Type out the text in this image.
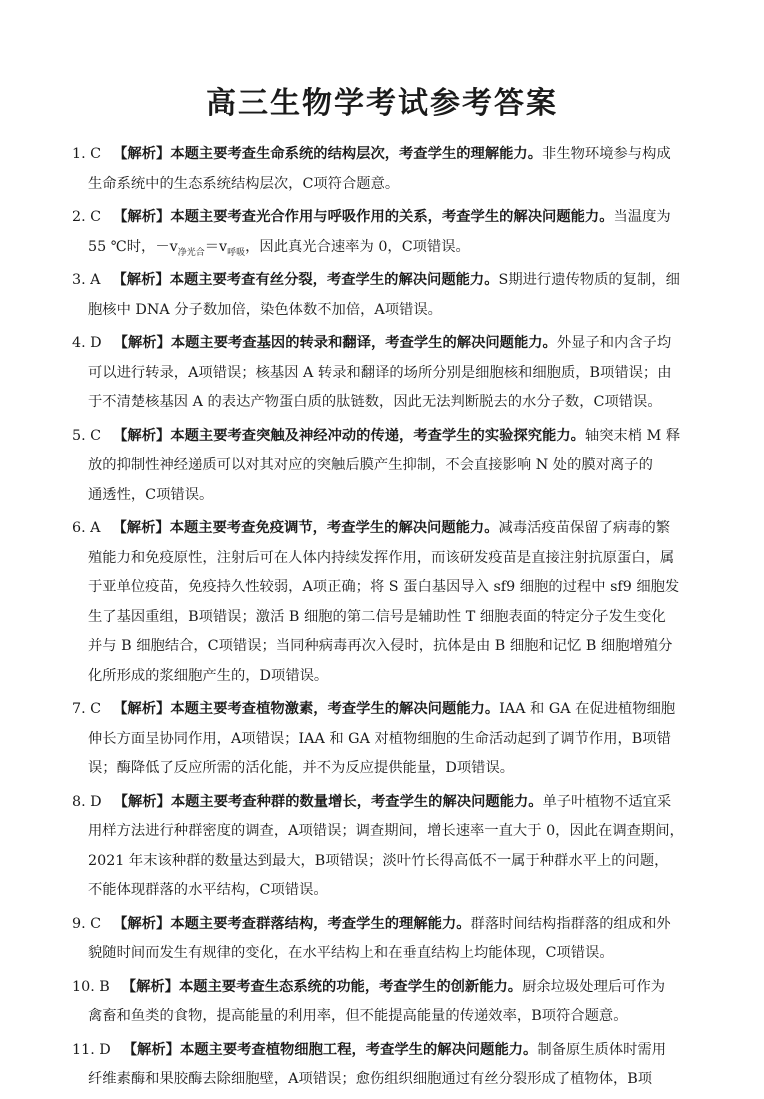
高三生物学考试参考答案
1. C 【解析】本题主要考查生命系统的结构层次，考查学生的理解能力。非生物环境参与构成
生命系统中的生态系统结构层次，C项符合题意。
2. C 【解析】本题主要考查光合作用与呼吸作用的关系，考查学生的解决问题能力。当温度为
55 ℃时，$-v_{净光合}=v_{呼吸}$，因此真光合速率为 0，C项错误。
3. A 【解析】本题主要考查有丝分裂，考查学生的解决问题能力。S期进行遗传物质的复制，细
胞核中 DNA 分子数加倍，染色体数不加倍，A项错误。
4. D 【解析】本题主要考查基因的转录和翻译，考查学生的解决问题能力。外显子和内含子均
可以进行转录，A项错误；核基因 A 转录和翻译的场所分别是细胞核和细胞质，B项错误；由
于不清楚核基因 A 的表达产物蛋白质的肽链数，因此无法判断脱去的水分子数，C项错误。
5. C 【解析】本题主要考查突触及神经冲动的传递，考查学生的实验探究能力。轴突末梢 M 释
放的抑制性神经递质可以对其对应的突触后膜产生抑制，不会直接影响 N 处的膜对离子的
通透性，C项错误。
6. A 【解析】本题主要考查免疫调节，考查学生的解决问题能力。减毒活疫苗保留了病毒的繁
殖能力和免疫原性，注射后可在人体内持续发挥作用，而该研发疫苗是直接注射抗原蛋白，属
于亚单位疫苗，免疫持久性较弱，A项正确；将 S 蛋白基因导入 sf9 细胞的过程中 sf9 细胞发
生了基因重组，B项错误；激活 B 细胞的第二信号是辅助性 T 细胞表面的特定分子发生变化
并与 B 细胞结合，C项错误；当同种病毒再次入侵时，抗体是由 B 细胞和记忆 B 细胞增殖分
化所形成的浆细胞产生的，D项错误。
7. C 【解析】本题主要考查植物激素，考查学生的解决问题能力。IAA 和 GA 在促进植物细胞
伸长方面呈协同作用，A项错误；IAA 和 GA 对植物细胞的生命活动起到了调节作用，B项错
误；酶降低了反应所需的活化能，并不为反应提供能量，D项错误。
8. D 【解析】本题主要考查种群的数量增长，考查学生的解决问题能力。单子叶植物不适宜采
用样方法进行种群密度的调查，A项错误；调查期间，增长速率一直大于 0，因此在调查期间，
2021 年末该种群的数量达到最大，B项错误；淡叶竹长得高低不一属于种群水平上的问题，
不能体现群落的水平结构，C项错误。
9. C 【解析】本题主要考查群落结构，考查学生的理解能力。群落时间结构指群落的组成和外
貌随时间而发生有规律的变化，在水平结构上和在垂直结构上均能体现，C项错误。
10. B 【解析】本题主要考查生态系统的功能，考查学生的创新能力。厨余垃圾处理后可作为
禽畜和鱼类的食物，提高能量的利用率，但不能提高能量的传递效率，B项符合题意。
11. D 【解析】本题主要考查植物细胞工程，考查学生的解决问题能力。制备原生质体时需用
纤维素酶和果胶酶去除细胞壁，A项错误；愈伤组织细胞通过有丝分裂形成了植物体，B项
